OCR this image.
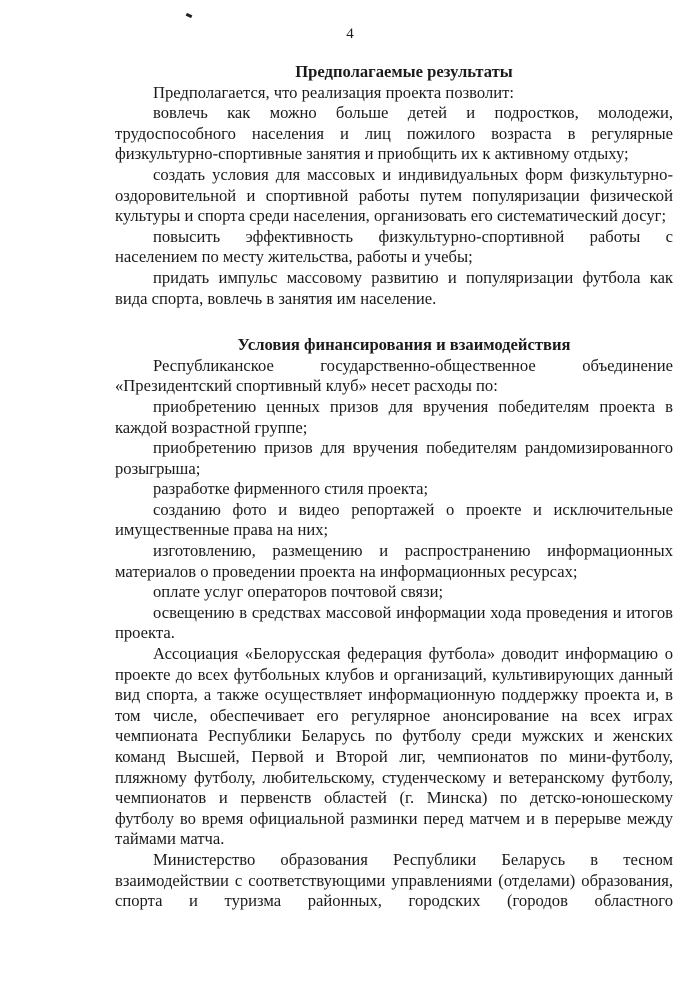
4
Предполагаемые результаты

Предполагается, что реализация проекта позволит:

вовлечь как можно больше детей и подростков, молодежи, трудоспособного населения и лиц пожилого возраста в регулярные физкультурно-спортивные занятия и приобщить их к активному отдыху;

создать условия для массовых и индивидуальных форм физкультурно-оздоровительной и спортивной работы путем популяризации физической культуры и спорта среди населения, организовать его систематический досуг;

повысить эффективность физкультурно-спортивной работы с населением по месту жительства, работы и учебы;

придать импульс массовому развитию и популяризации футбола как вида спорта, вовлечь в занятия им население.

Условия финансирования и взаимодействия

Республиканское государственно-общественное объединение «Президентский спортивный клуб» несет расходы по:

приобретению ценных призов для вручения победителям проекта в каждой возрастной группе;

приобретению призов для вручения победителям рандомизированного розыгрыша;

разработке фирменного стиля проекта;

созданию фото и видео репортажей о проекте и исключительные имущественные права на них;

изготовлению, размещению и распространению информационных материалов о проведении проекта на информационных ресурсах;

оплате услуг операторов почтовой связи;

освещению в средствах массовой информации хода проведения и итогов проекта.

Ассоциация «Белорусская федерация футбола» доводит информацию о проекте до всех футбольных клубов и организаций, культивирующих данный вид спорта, а также осуществляет информационную поддержку проекта и, в том числе, обеспечивает его регулярное анонсирование на всех играх чемпионата Республики Беларусь по футболу среди мужских и женских команд Высшей, Первой и Второй лиг, чемпионатов по мини-футболу, пляжному футболу, любительскому, студенческому и ветеранскому футболу, чемпионатов и первенств областей (г. Минска) по детско-юношескому футболу во время официальной разминки перед матчем и в перерыве между таймами матча.

Министерство образования Республики Беларусь в тесном взаимодействии с соответствующими управлениями (отделами) образования, спорта и туризма районных, городских (городов областного
